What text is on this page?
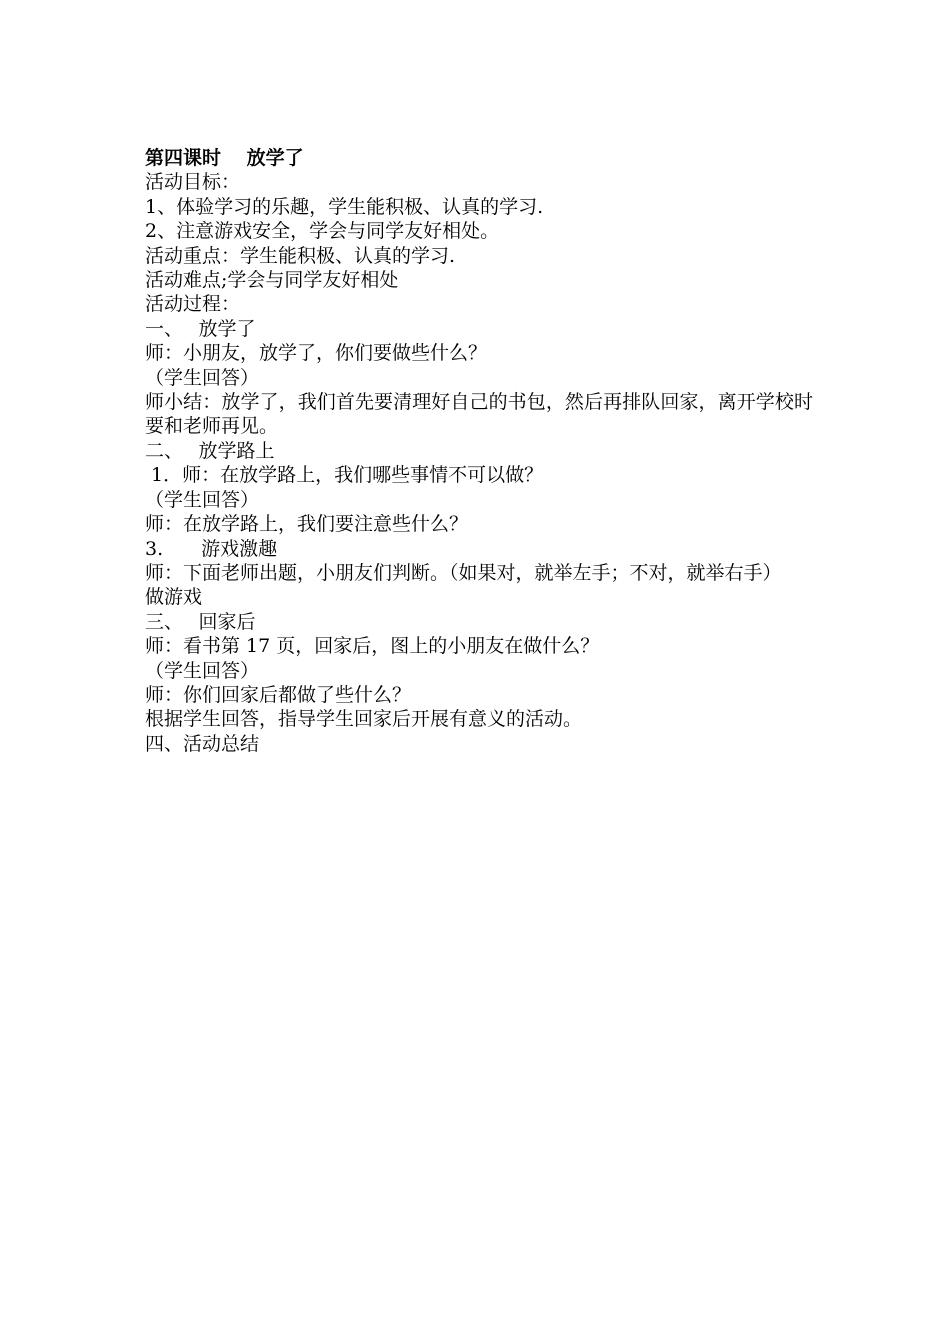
第四课时　 放学了

活动目标：

1、体验学习的乐趣，学生能积极、认真的学习.

2、注意游戏安全，学会与同学友好相处。

活动重点：学生能积极、认真的学习.

活动难点;学会与同学友好相处

活动过程：

一、　 放学了

师：小朋友，放学了，你们要做些什么？

（学生回答）

师小结：放学了，我们首先要清理好自己的书包，然后再排队回家，离开学校时要和老师再见。

二、　 放学路上

1．师：在放学路上，我们哪些事情不可以做？

（学生回答）

师：在放学路上，我们要注意些什么？

3.　　游戏激趣

师：下面老师出题，小朋友们判断。（如果对，就举左手；不对，就举右手）

做游戏

三、　 回家后

师：看书第 17 页，回家后，图上的小朋友在做什么？

（学生回答）

师：你们回家后都做了些什么？

根据学生回答，指导学生回家后开展有意义的活动。

四、活动总结
